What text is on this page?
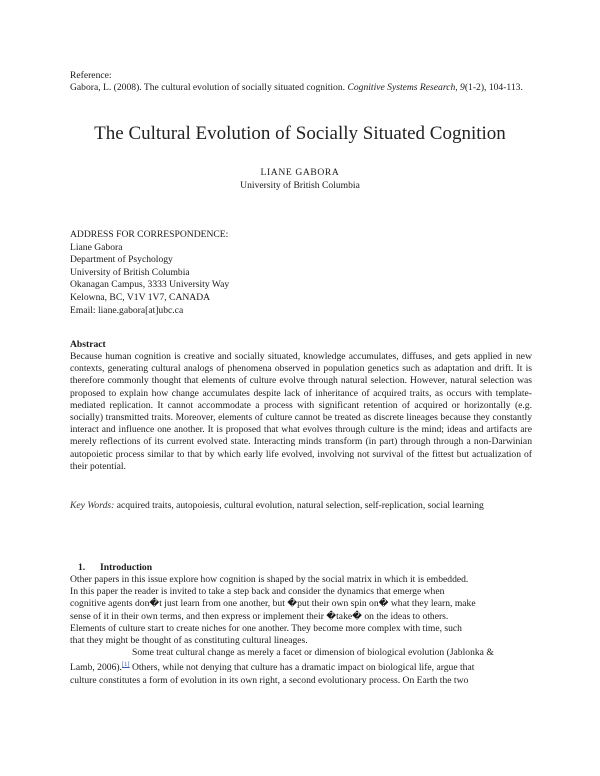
Reference:
Gabora, L. (2008). The cultural evolution of socially situated cognition. Cognitive Systems Research, 9(1-2), 104-113.
The Cultural Evolution of Socially Situated Cognition
LIANE GABORA
University of British Columbia
ADDRESS FOR CORRESPONDENCE:
Liane Gabora
Department of Psychology
University of British Columbia
Okanagan Campus, 3333 University Way
Kelowna, BC, V1V 1V7, CANADA
Email: liane.gabora[at]ubc.ca
Abstract
Because human cognition is creative and socially situated, knowledge accumulates, diffuses, and gets applied in new contexts, generating cultural analogs of phenomena observed in population genetics such as adaptation and drift. It is therefore commonly thought that elements of culture evolve through natural selection. However, natural selection was proposed to explain how change accumulates despite lack of inheritance of acquired traits, as occurs with template-mediated replication. It cannot accommodate a process with significant retention of acquired or horizontally (e.g. socially) transmitted traits. Moreover, elements of culture cannot be treated as discrete lineages because they constantly interact and influence one another. It is proposed that what evolves through culture is the mind; ideas and artifacts are merely reflections of its current evolved state. Interacting minds transform (in part) through through a non-Darwinian autopoietic process similar to that by which early life evolved, involving not survival of the fittest but actualization of their potential.
Key Words: acquired traits, autopoiesis, cultural evolution, natural selection, self-replication, social learning
1. Introduction

Other papers in this issue explore how cognition is shaped by the social matrix in which it is embedded.
In this paper the reader is invited to take a step back and consider the dynamics that emerge when
cognitive agents don�t just learn from one another, but �put their own spin on� what they learn, make
sense of it in their own terms, and then express or implement their �take� on the ideas to others.
Elements of culture start to create niches for one another. They become more complex with time, such
that they might be thought of as constituting cultural lineages.

Some treat cultural change as merely a facet or dimension of biological evolution (Jablonka &
Lamb, 2006).[1] Others, while not denying that culture has a dramatic impact on biological life, argue that
culture constitutes a form of evolution in its own right, a second evolutionary process. On Earth the two
